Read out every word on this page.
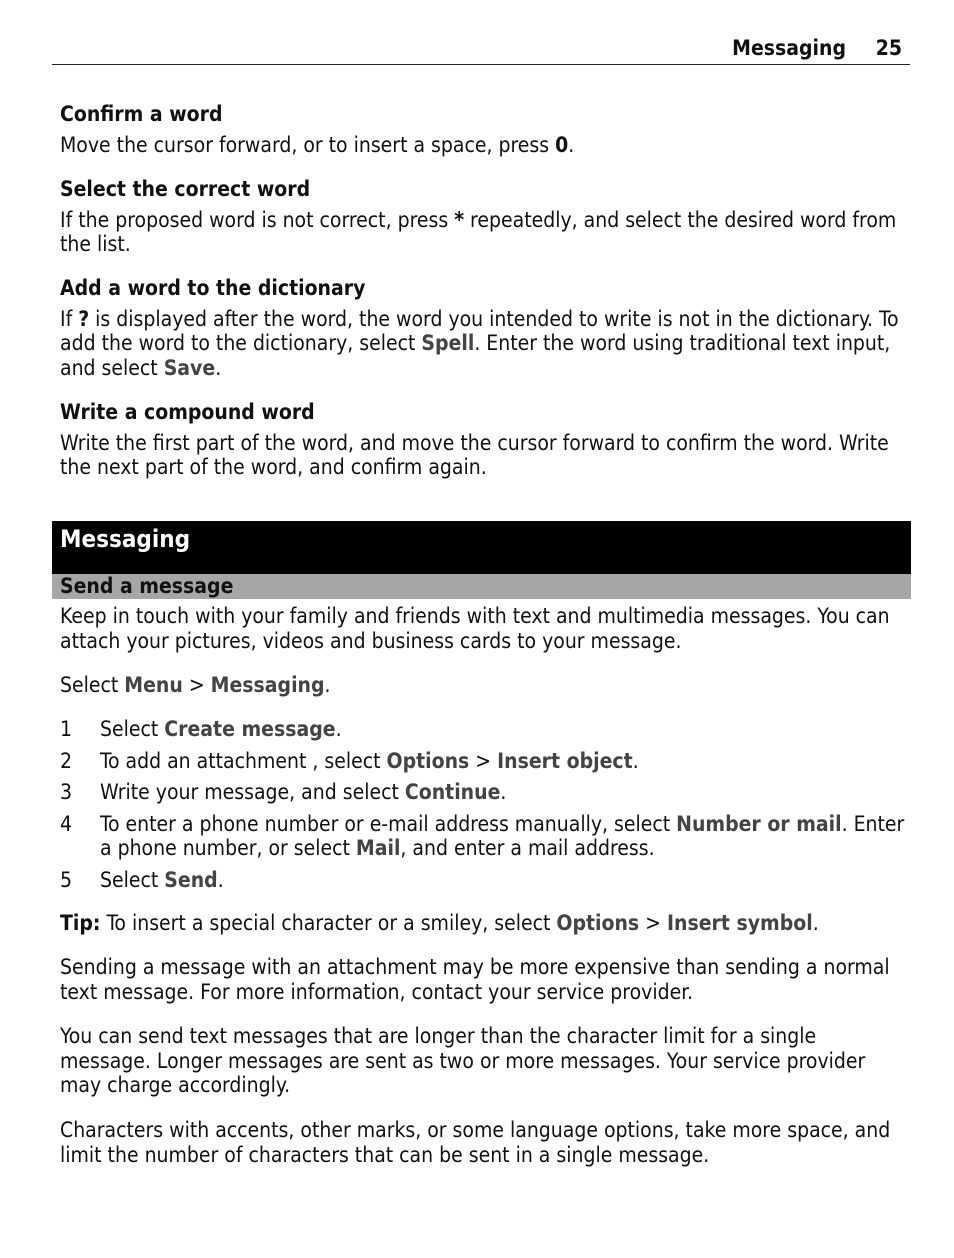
Messaging 25
Confirm a word

Move the cursor forward, or to insert a space, press 0.

Select the correct word

If the proposed word is not correct, press * repeatedly, and select the desired word from the list.

Add a word to the dictionary

If ? is displayed after the word, the word you intended to write is not in the dictionary. To add the word to the dictionary, select Spell. Enter the word using traditional text input, and select Save.

Write a compound word

Write the first part of the word, and move the cursor forward to confirm the word. Write the next part of the word, and confirm again.

Messaging
Send a message

Keep in touch with your family and friends with text and multimedia messages. You can attach your pictures, videos and business cards to your message.

Select Menu > Messaging.

1 Select Create message.
2 To add an attachment , select Options > Insert object.
3 Write your message, and select Continue.
4 To enter a phone number or e-mail address manually, select Number or mail. Enter a phone number, or select Mail, and enter a mail address.
5 Select Send.

Tip: To insert a special character or a smiley, select Options > Insert symbol.

Sending a message with an attachment may be more expensive than sending a normal text message. For more information, contact your service provider.

You can send text messages that are longer than the character limit for a single message. Longer messages are sent as two or more messages. Your service provider may charge accordingly.

Characters with accents, other marks, or some language options, take more space, and limit the number of characters that can be sent in a single message.
